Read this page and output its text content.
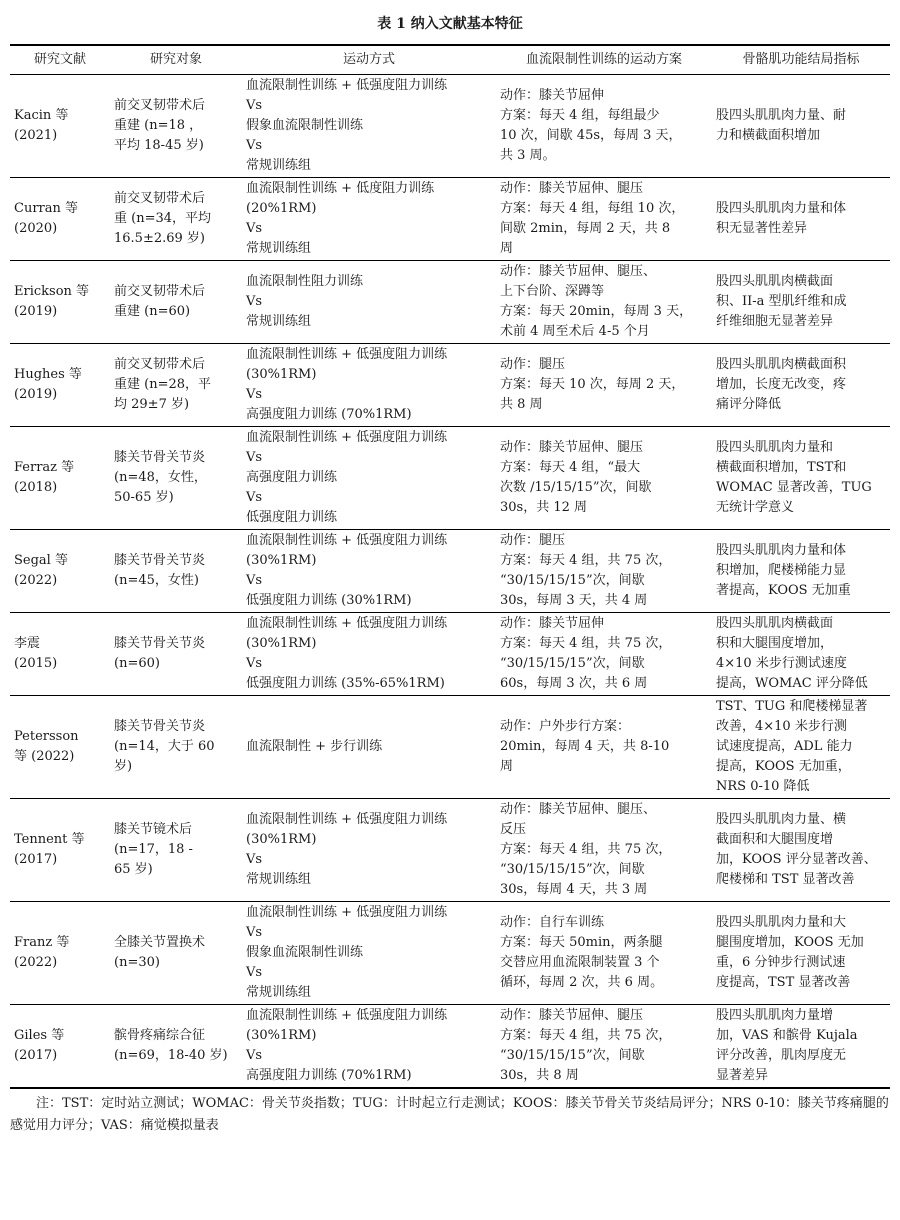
表 1 纳入文献基本特征
研究文献	研究对象	运动方式	血流限制性训练的运动方案	骨骼肌功能结局指标

Kacin 等
(2021)	前交叉韧带术后
重建 (n=18 ，
平均 18-45 岁)	血流限制性训练 + 低强度阻力训练
Vs
假象血流限制性训练
Vs
常规训练组	动作：膝关节屈伸
方案：每天 4 组，每组最少
10 次，间歇 45s，每周 3 天，
共 3 周。	股四头肌肌肉力量、耐
力和横截面积增加

Curran 等
(2020)	前交叉韧带术后
重 (n=34，平均
16.5±2.69 岁)	血流限制性训练 + 低度阻力训练
(20%1RM)
Vs
常规训练组	动作：膝关节屈伸、腿压
方案：每天 4 组，每组 10 次，
间歇 2min，每周 2 天，共 8
周	股四头肌肌肉力量和体
积无显著性差异

Erickson 等
(2019)	前交叉韧带术后
重建 (n=60)	血流限制性阻力训练
Vs
常规训练组	动作：膝关节屈伸、腿压、
上下台阶、深蹲等
方案：每天 20min，每周 3 天，
术前 4 周至术后 4-5 个月	股四头肌肌肉横截面
积、II-a 型肌纤维和成
纤维细胞无显著差异

Hughes 等
(2019)	前交叉韧带术后
重建 (n=28，平
均 29±7 岁)	血流限制性训练 + 低强度阻力训练
(30%1RM)
Vs
高强度阻力训练 (70%1RM)	动作：腿压
方案：每天 10 次，每周 2 天，
共 8 周	股四头肌肌肉横截面积
增加，长度无改变，疼
痛评分降低

Ferraz 等
(2018)	膝关节骨关节炎
(n=48，女性，
50-65 岁)	血流限制性训练 + 低强度阻力训练
Vs
高强度阻力训练
Vs
低强度阻力训练	动作：膝关节屈伸、腿压
方案：每天 4 组，“最大
次数 /15/15/15”次，间歇
30s，共 12 周	股四头肌肌肉力量和
横截面积增加，TST和
WOMAC 显著改善，TUG
无统计学意义

Segal 等
(2022)	膝关节骨关节炎
(n=45，女性)	血流限制性训练 + 低强度阻力训练
(30%1RM)
Vs
低强度阻力训练 (30%1RM)	动作：腿压
方案：每天 4 组，共 75 次，
“30/15/15/15”次，间歇
30s，每周 3 天，共 4 周	股四头肌肌肉力量和体
积增加，爬楼梯能力显
著提高，KOOS 无加重

李震
(2015)	膝关节骨关节炎
(n=60)	血流限制性训练 + 低强度阻力训练
(30%1RM)
Vs
低强度阻力训练 (35%-65%1RM)	动作：膝关节屈伸
方案：每天 4 组，共 75 次，
“30/15/15/15”次，间歇
60s，每周 3 次，共 6 周	股四头肌肌肉横截面
积和大腿围度增加，
4×10 米步行测试速度
提高，WOMAC 评分降低

Petersson
等 (2022)	膝关节骨关节炎
(n=14，大于 60
岁)	血流限制性 + 步行训练	动作：户外步行方案：
20min，每周 4 天，共 8-10
周	TST、TUG 和爬楼梯显著
改善，4×10 米步行测
试速度提高，ADL 能力
提高，KOOS 无加重，
NRS 0-10 降低

Tennent 等
(2017)	膝关节镜术后
(n=17，18 -
65 岁)	血流限制性训练 + 低强度阻力训练
(30%1RM)
Vs
常规训练组	动作：膝关节屈伸、腿压、
反压
方案：每天 4 组，共 75 次，
“30/15/15/15”次，间歇
30s，每周 4 天，共 3 周	股四头肌肌肉力量、横
截面积和大腿围度增
加，KOOS 评分显著改善、
爬楼梯和 TST 显著改善

Franz 等
(2022)	全膝关节置换术
(n=30)	血流限制性训练 + 低强度阻力训练
Vs
假象血流限制性训练
Vs
常规训练组	动作：自行车训练
方案：每天 50min，两条腿
交替应用血流限制装置 3 个
循环，每周 2 次，共 6 周。	股四头肌肌肉力量和大
腿围度增加，KOOS 无加
重，6 分钟步行测试速
度提高，TST 显著改善

Giles 等
(2017)	髌骨疼痛综合征
(n=69，18-40 岁)	血流限制性训练 + 低强度阻力训练
(30%1RM)
Vs
高强度阻力训练 (70%1RM)	动作：膝关节屈伸、腿压
方案：每天 4 组，共 75 次，
“30/15/15/15”次，间歇
30s，共 8 周	股四头肌肌肉力量增
加，VAS 和髌骨 Kujala
评分改善，肌肉厚度无
显著差异
注：TST：定时站立测试；WOMAC：骨关节炎指数；TUG：计时起立行走测试；KOOS：膝关节骨关节炎结局评分；NRS 0-10：膝关节疼痛腿的感觉用力评分；VAS：痛觉模拟量表
